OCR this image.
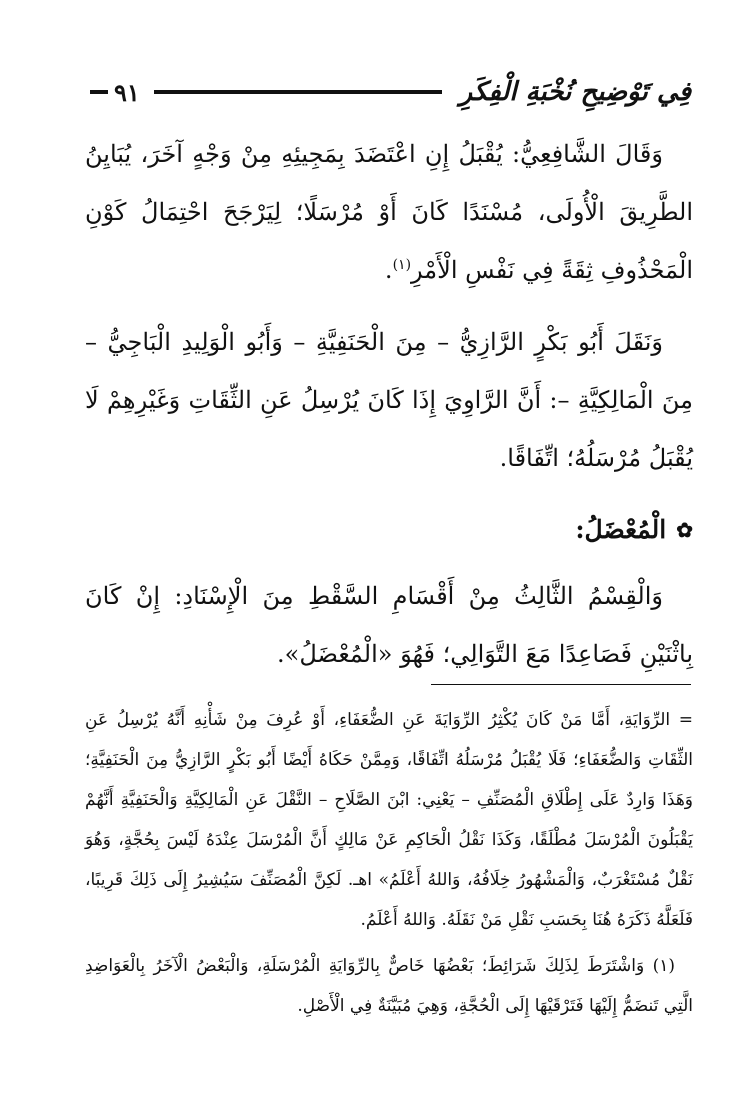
فِي تَوْضِيحِ نُخْبَةِ الْفِكَرِ
٩١

وَقَالَ الشَّافِعِيُّ: يُقْبَلُ إِنِ اعْتَضَدَ بِمَجِيئِهِ مِنْ وَجْهٍ آخَرَ، يُبَايِنُ الطَّرِيقَ الْأُولَى، مُسْنَدًا كَانَ أَوْ مُرْسَلًا؛ لِيَرْجَحَ احْتِمَالُ كَوْنِ الْمَحْذُوفِ ثِقَةً فِي نَفْسِ الْأَمْرِ$^{(١)}$.

وَنَقَلَ أَبُو بَكْرٍ الرَّازِيُّ – مِنَ الْحَنَفِيَّةِ – وَأَبُو الْوَلِيدِ الْبَاجِيُّ – مِنَ الْمَالِكِيَّةِ –: أَنَّ الرَّاوِيَ إِذَا كَانَ يُرْسِلُ عَنِ الثِّقَاتِ وَغَيْرِهِمْ لَا يُقْبَلُ مُرْسَلُهُ؛ اتِّفَاقًا.

✿
الْمُعْضَلُ:

وَالْقِسْمُ الثَّالِثُ مِنْ أَقْسَامِ السَّقْطِ مِنَ الْإِسْنَادِ: إِنْ كَانَ بِاثْنَيْنِ فَصَاعِدًا مَعَ التَّوَالِي؛ فَهُوَ «الْمُعْضَلُ».

= الرِّوَايَةِ، أَمَّا مَنْ كَانَ يُكْثِرُ الرِّوَايَةَ عَنِ الضُّعَفَاءِ، أَوْ عُرِفَ مِنْ شَأْنِهِ أَنَّهُ يُرْسِلُ عَنِ الثِّقَاتِ وَالضُّعَفَاءِ؛ فَلَا يُقْبَلُ مُرْسَلُهُ اتِّفَاقًا، وَمِمَّنْ حَكَاهُ أَيْضًا أَبُو بَكْرٍ الرَّازِيُّ مِنَ الْحَنَفِيَّةِ؛ وَهَذَا وَارِدٌ عَلَى إِطْلَاقِ الْمُصَنِّفِ – يَعْنِي: ابْنَ الصَّلَاحِ – النَّقْلَ عَنِ الْمَالِكِيَّةِ وَالْحَنَفِيَّةِ أَنَّهُمْ يَقْبَلُونَ الْمُرْسَلَ مُطْلَقًا، وَكَذَا نَقْلُ الْحَاكِمِ عَنْ مَالِكٍ أَنَّ الْمُرْسَلَ عِنْدَهُ لَيْسَ بِحُجَّةٍ، وَهُوَ نَقْلٌ مُسْتَغْرَبٌ، وَالْمَشْهُورُ خِلَافُهُ، وَاللهُ أَعْلَمُ» اهـ. لَكِنَّ الْمُصَنِّفَ سَيُشِيرُ إِلَى ذَلِكَ قَرِيبًا، فَلَعَلَّهُ ذَكَرَهُ هُنَا بِحَسَبِ نَقْلِ مَنْ نَقَلَهُ. وَاللهُ أَعْلَمُ.

(١) وَاشْتَرَطَ لِذَلِكَ شَرَائِطَ؛ بَعْضُهَا خَاصٌّ بِالرِّوَايَةِ الْمُرْسَلَةِ، وَالْبَعْضُ الْآخَرُ بِالْعَوَاضِدِ الَّتِي تَنضَمُّ إِلَيْهَا فَتَرْقَيْهَا إِلَى الْحُجَّةِ، وَهِيَ مُبَيَّنَةٌ فِي الْأَصْلِ.
